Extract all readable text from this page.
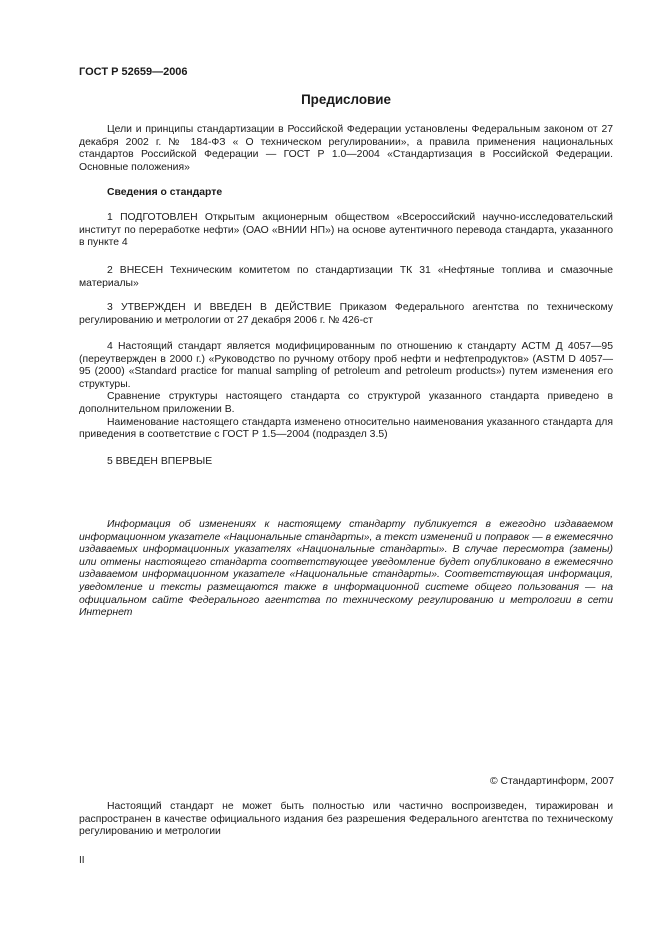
ГОСТ Р 52659—2006
Предисловие

Цели и принципы стандартизации в Российской Федерации установлены Федеральным законом от 27 декабря 2002 г. № 184-ФЗ « О техническом регулировании», а правила применения национальных стандартов Российской Федерации — ГОСТ Р 1.0—2004 «Стандартизация в Российской Федерации. Основные положения»

Сведения о стандарте

1 ПОДГОТОВЛЕН Открытым акционерным обществом «Всероссийский научно-исследовательский институт по переработке нефти» (ОАО «ВНИИ НП») на основе аутентичного перевода стандарта, указанного в пункте 4

2 ВНЕСЕН Техническим комитетом по стандартизации ТК 31 «Нефтяные топлива и смазочные материалы»

3 УТВЕРЖДЕН И ВВЕДЕН В ДЕЙСТВИЕ Приказом Федерального агентства по техническому регулированию и метрологии от 27 декабря 2006 г. № 426-ст

4 Настоящий стандарт является модифицированным по отношению к стандарту АСТМ Д 4057—95 (переутвержден в 2000 г.) «Руководство по ручному отбору проб нефти и нефтепродуктов» (ASTM D 4057—95 (2000) «Standard practice for manual sampling of petroleum and petroleum products») путем изменения его структуры.

Сравнение структуры настоящего стандарта со структурой указанного стандарта приведено в дополнительном приложении В.

Наименование настоящего стандарта изменено относительно наименования указанного стандарта для приведения в соответствие с ГОСТ Р 1.5—2004 (подраздел 3.5)

5 ВВЕДЕН ВПЕРВЫЕ

Информация об изменениях к настоящему стандарту публикуется в ежегодно издаваемом информационном указателе «Национальные стандарты», а текст изменений и поправок — в ежемесячно издаваемых информационных указателях «Национальные стандарты». В случае пересмотра (замены) или отмены настоящего стандарта соответствующее уведомление будет опубликовано в ежемесячно издаваемом информационном указателе «Национальные стандарты». Соответствующая информация, уведомление и тексты размещаются также в информационной системе общего пользования — на официальном сайте Федерального агентства по техническому регулированию и метрологии в сети Интернет

© Стандартинформ, 2007

Настоящий стандарт не может быть полностью или частично воспроизведен, тиражирован и распространен в качестве официального издания без разрешения Федерального агентства по техническому регулированию и метрологии

II
